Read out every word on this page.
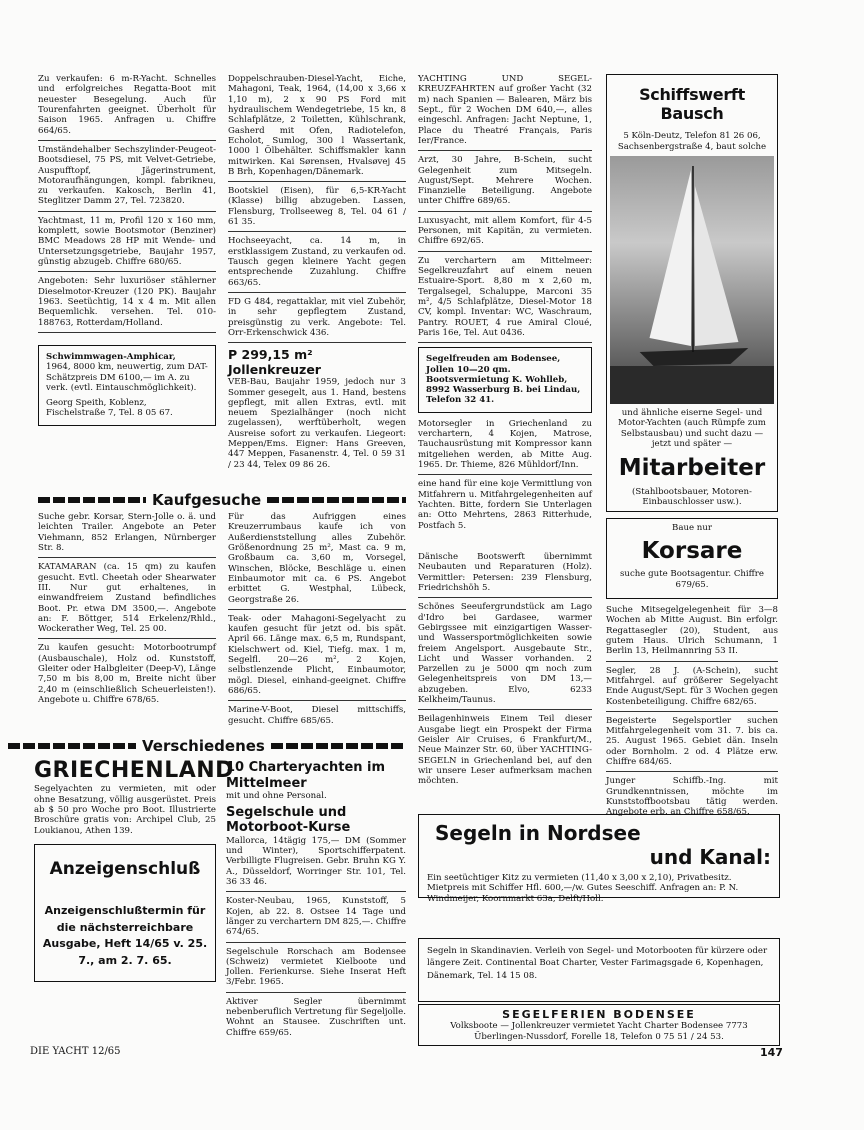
Zu verkaufen: 6 m-R-Yacht. Schnelles und erfolgreiches Regatta-Boot mit neuester Besegelung. Auch für Tourenfahrten geeignet. Überholt für Saison 1965. Anfragen u. Chiffre 664/65.
Umständehalber Sechszylinder-Peugeot-Bootsdiesel, 75 PS, mit Velvet-Getriebe, Auspufftopf, Jägerinstrument, Motoraufhängungen, kompl. fabrikneu, zu verkaufen. Kakosch, Berlin 41, Steglitzer Damm 27, Tel. 723820.
Yachtmast, 11 m, Profil 120 x 160 mm, komplett, sowie Bootsmotor (Benziner) BMC Meadows 28 HP mit Wende- und Untersetzungsgetriebe, Baujahr 1957, günstig abzugeb. Chiffre 680/65.
Angeboten: Sehr luxuriöser stählerner Dieselmotor-Kreuzer (120 PK). Baujahr 1963. Seetüchtig, 14 x 4 m. Mit allen Bequemlichk. versehen. Tel. 010-188763, Rotterdam/Holland.
Schwimmwagen-Amphicar,
1964, 8000 km, neuwertig, zum DAT-Schätzpreis DM 6100,— im A. zu verk. (evtl. Eintauschmöglichkeit).
Georg Speith, Koblenz, Fischelstraße 7, Tel. 8 05 67.
Doppelschrauben-Diesel-Yacht, Eiche, Mahagoni, Teak, 1964, (14,00 x 3,66 x 1,10 m), 2 x 90 PS Ford mit hydraulischem Wendegetriebe, 15 kn, 8 Schlafplätze, 2 Toiletten, Kühlschrank, Gasherd mit Ofen, Radiotelefon, Echolot, Sumlog, 300 l Wassertank, 1000 l Ölbehälter. Schiffsmakler kann mitwirken. Kai Sørensen, Hvalsøvej 45 B Brh, Kopenhagen/Dänemark.
Bootskiel (Eisen), für 6,5-KR-Yacht (Klasse) billig abzugeben. Lassen, Flensburg, Trollseeweg 8, Tel. 04 61 / 61 35.
Hochseeyacht, ca. 14 m, in erstklassigem Zustand, zu verkaufen od. Tausch gegen kleinere Yacht gegen entsprechende Zuzahlung. Chiffre 663/65.
FD G 484, regattaklar, mit viel Zubehör, in sehr gepflegtem Zustand, preisgünstig zu verk. Angebote: Tel. Orr-Erkenschwick 436.
P 299,15 m² Jollenkreuzer
VEB-Bau, Baujahr 1959, jedoch nur 3 Sommer gesegelt, aus 1. Hand, bestens gepflegt, mit allen Extras, evtl. mit neuem Spezialhänger (noch nicht zugelassen), werftüberholt, wegen Ausreise sofort zu verkaufen. Liegeort: Meppen/Ems. Eigner: Hans Greeven, 447 Meppen, Fasanenstr. 4, Tel. 0 59 31 / 23 44, Telex 09 86 26.
YACHTING UND SEGEL-KREUZFAHRTEN auf großer Yacht (32 m) nach Spanien — Balearen, März bis Sept., für 2 Wochen DM 640,—, alles eingeschl. Anfragen: Jacht Neptune, 1, Place du Theatré Français, Paris Ier/France.
Arzt, 30 Jahre, B-Schein, sucht Gelegenheit zum Mitsegeln. August/Sept. Mehrere Wochen. Finanzielle Beteiligung. Angebote unter Chiffre 689/65.
Luxusyacht, mit allem Komfort, für 4-5 Personen, mit Kapitän, zu vermieten. Chiffre 692/65.
Zu verchartern am Mittelmeer: Segelkreuzfahrt auf einem neuen Estuaire-Sport. 8,80 m x 2,60 m, Tergalsegel, Schaluppe, Marconi 35 m², 4/5 Schlafplätze, Diesel-Motor 18 CV, kompl. Inventar: WC, Waschraum, Pantry. ROUET, 4 rue Amiral Cloué, Paris 16e, Tel. Aut 0436.
Segelfreuden am Bodensee, Jollen 10—20 qm.
Bootsvermietung K. Wohlleb, 8992 Wasserburg B. bei Lindau, Telefon 32 41.
Motorsegler in Griechenland zu verchartern, 4 Kojen, Matrose, Tauchausrüstung mit Kompressor kann mitgeliehen werden, ab Mitte Aug. 1965. Dr. Thieme, 826 Mühldorf/Inn.
eine hand für eine koje Vermittlung von Mitfahrern u. Mitfahrgelegenheiten auf Yachten. Bitte, fordern Sie Unterlagen an: Otto Mehrtens, 2863 Ritterhude, Postfach 5.
Schiffswerft Bausch
5 Köln-Deutz, Telefon 81 26 06, Sachsenbergstraße 4, baut solche
und ähnliche eiserne Segel- und Motor-Yachten (auch Rümpfe zum Selbstausbau) und sucht dazu — jetzt und später —
Mitarbeiter
(Stahlbootsbauer, Motoren-Einbauschlosser usw.).
Baue nur
Korsare
suche gute Bootsagentur. Chiffre 679/65.
Suche Mitsegelgelegenheit für 3—8 Wochen ab Mitte August. Bin erfolgr. Regattasegler (20), Student, aus gutem Haus. Ulrich Schumann, 1 Berlin 13, Heilmannring 53 II.
Segler, 28 J. (A-Schein), sucht Mitfahrgel. auf größerer Segelyacht Ende August/Sept. für 3 Wochen gegen Kostenbeteiligung. Chiffre 682/65.
Begeisterte Segelsportler suchen Mitfahrgelegenheit vom 31. 7. bis ca. 25. August 1965. Gebiet dän. Inseln oder Bornholm. 2 od. 4 Plätze erw. Chiffre 684/65.
Junger Schiffb.-Ing. mit Grundkenntnissen, möchte im Kunststoffbootsbau tätig werden. Angebote erb. an Chiffre 658/65.
Kaufgesuche
Suche gebr. Korsar, Stern-Jolle o. ä. und leichten Trailer. Angebote an Peter Viehmann, 852 Erlangen, Nürnberger Str. 8.
KATAMARAN (ca. 15 qm) zu kaufen gesucht. Evtl. Cheetah oder Shearwater III. Nur gut erhaltenes, in einwandfreiem Zustand befindliches Boot. Pr. etwa DM 3500,—. Angebote an: F. Böttger, 514 Erkelenz/Rhld., Wockerather Weg, Tel. 25 00.
Zu kaufen gesucht: Motorbootrumpf (Ausbauschale), Holz od. Kunststoff, Gleiter oder Halbgleiter (Deep-V), Länge 7,50 m bis 8,00 m, Breite nicht über 2,40 m (einschließlich Scheuerleisten!). Angebote u. Chiffre 678/65.
Für das Aufriggen eines Kreuzerrumbaus kaufe ich von Außerdienststellung alles Zubehör. Größenordnung 25 m², Mast ca. 9 m, Großbaum ca. 3,60 m, Vorsegel, Winschen, Blöcke, Beschläge u. einen Einbaumotor mit ca. 6 PS. Angebot erbittet G. Westphal, Lübeck, Georgstraße 26.
Teak- oder Mahagoni-Segelyacht zu kaufen gesucht für jetzt od. bis spät. April 66. Länge max. 6,5 m, Rundspant, Kielschwert od. Kiel, Tiefg. max. 1 m, Segelfl. 20—26 m², 2 Kojen, selbstlenzende Plicht, Einbaumotor, mögl. Diesel, einhand-geeignet. Chiffre 686/65.
Marine-V-Boot, Diesel mittschiffs, gesucht. Chiffre 685/65.
Dänische Bootswerft übernimmt Neubauten und Reparaturen (Holz). Vermittler: Petersen: 239 Flensburg, Friedrichshöh 5.
Schönes Seeufergrundstück am Lago d'Idro bei Gardasee, warmer Gebirgssee mit einzigartigen Wasser- und Wassersportmöglichkeiten sowie freiem Angelsport. Ausgebaute Str., Licht und Wasser vorhanden. 2 Parzellen zu je 5000 qm noch zum Gelegenheitspreis von DM 13,— abzugeben. Elvo, 6233 Kelkheim/Taunus.
Beilagenhinweis Einem Teil dieser Ausgabe liegt ein Prospekt der Firma Geisler Air Cruises, 6 Frankfurt/M., Neue Mainzer Str. 60, über YACHTING-SEGELN in Griechenland bei, auf den wir unsere Leser aufmerksam machen möchten.
Verschiedenes
GRIECHENLAND
Segelyachten zu vermieten, mit oder ohne Besatzung, völlig ausgerüstet. Preis ab $ 50 pro Woche pro Boot. Illustrierte Broschüre gratis von: Archipel Club, 25 Loukianou, Athen 139.
Anzeigenschluß
Anzeigenschlußtermin für die nächsterreichbare Ausgabe, Heft 14/65 v. 25. 7., am 2. 7. 65.
10 Charteryachten im Mittelmeer
mit und ohne Personal.
Segelschule und Motorboot-Kurse
Mallorca, 14tägig 175,— DM (Sommer und Winter), Sportschifferpatent. Verbilligte Flugreisen. Gebr. Bruhn KG Y. A., Düsseldorf, Worringer Str. 101, Tel. 36 33 46.
Koster-Neubau, 1965, Kunststoff, 5 Kojen, ab 22. 8. Ostsee 14 Tage und länger zu verchartern DM 825,—. Chiffre 674/65.
Segelschule Rorschach am Bodensee (Schweiz) vermietet Kielboote und Jollen. Ferienkurse. Siehe Inserat Heft 3/Febr. 1965.
Aktiver Segler übernimmt nebenberuflich Vertretung für Segeljolle. Wohnt an Stausee. Zuschriften unt. Chiffre 659/65.
Segeln in Nordsee
und Kanal:
Ein seetüchtiger Kitz zu vermieten (11,40 x 3,00 x 2,10), Privatbesitz. Mietpreis mit Schiffer Hfl. 600,—/w. Gutes Seeschiff. Anfragen an: P. N. Windmeijer, Koornmarkt 63a, Delft/Holl.
Segeln in Skandinavien. Verleih von Segel- und Motorbooten für kürzere oder längere Zeit. Continental Boat Charter, Vester Farimagsgade 6, Kopenhagen, Dänemark, Tel. 14 15 08.
SEGELFERIEN BODENSEE
Volksboote — Jollenkreuzer vermietet Yacht Charter Bodensee 7773 Überlingen-Nussdorf, Forelle 18, Telefon 0 75 51 / 24 53.
DIE YACHT 12/65	147
